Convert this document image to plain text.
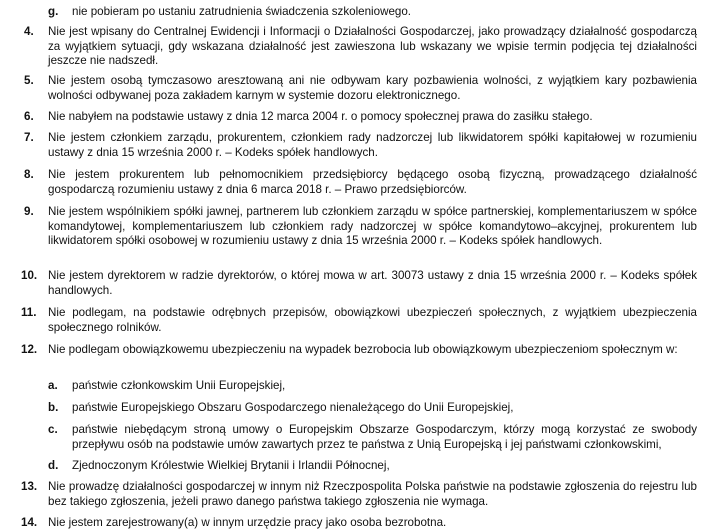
g. nie pobieram po ustaniu zatrudnienia świadczenia szkoleniowego.
4. Nie jest wpisany do Centralnej Ewidencji i Informacji o Działalności Gospodarczej, jako prowadzący działalność gospodarczą za wyjątkiem sytuacji, gdy wskazana działalność jest zawieszona lub wskazany we wpisie termin podjęcia tej działalności jeszcze nie nadszedł.
5. Nie jestem osobą tymczasowo aresztowaną ani nie odbywam kary pozbawienia wolności, z wyjątkiem kary pozbawienia wolności odbywanej poza zakładem karnym w systemie dozoru elektronicznego.
6. Nie nabyłem na podstawie ustawy z dnia 12 marca 2004 r. o pomocy społecznej prawa do zasiłku stałego.
7. Nie jestem członkiem zarządu, prokurentem, członkiem rady nadzorczej lub likwidatorem spółki kapitałowej w rozumieniu ustawy z dnia 15 września 2000 r. – Kodeks spółek handlowych.
8. Nie jestem prokurentem lub pełnomocnikiem przedsiębiorcy będącego osobą fizyczną, prowadzącego działalność gospodarczą rozumieniu ustawy z dnia 6 marca 2018 r. – Prawo przedsiębiorców.
9. Nie jestem wspólnikiem spółki jawnej, partnerem lub członkiem zarządu w spółce partnerskiej, komplementariuszem w spółce komandytowej, komplementariuszem lub członkiem rady nadzorczej w spółce komandytowo–akcyjnej, prokurentem lub likwidatorem spółki osobowej w rozumieniu ustawy z dnia 15 września 2000 r. – Kodeks spółek handlowych.
10. Nie jestem dyrektorem w radzie dyrektorów, o której mowa w art. 30073 ustawy z dnia 15 września 2000 r. – Kodeks spółek handlowych.
11. Nie podlegam, na podstawie odrębnych przepisów, obowiązkowi ubezpieczeń społecznych, z wyjątkiem ubezpieczenia społecznego rolników.
12. Nie podlegam obowiązkowemu ubezpieczeniu na wypadek bezrobocia lub obowiązkowym ubezpieczeniom społecznym w:
a. państwie członkowskim Unii Europejskiej,
b. państwie Europejskiego Obszaru Gospodarczego nienależącego do Unii Europejskiej,
c. państwie niebędącym stroną umowy o Europejskim Obszarze Gospodarczym, którzy mogą korzystać ze swobody przepływu osób na podstawie umów zawartych przez te państwa z Unią Europejską i jej państwami członkowskimi,
d. Zjednoczonym Królestwie Wielkiej Brytanii i Irlandii Północnej,
13. Nie prowadzę działalności gospodarczej w innym niż Rzeczpospolita Polska państwie na podstawie zgłoszenia do rejestru lub bez takiego zgłoszenia, jeżeli prawo danego państwa takiego zgłoszenia nie wymaga.
14. Nie jestem zarejestrowany(a) w innym urzędzie pracy jako osoba bezrobotna.
